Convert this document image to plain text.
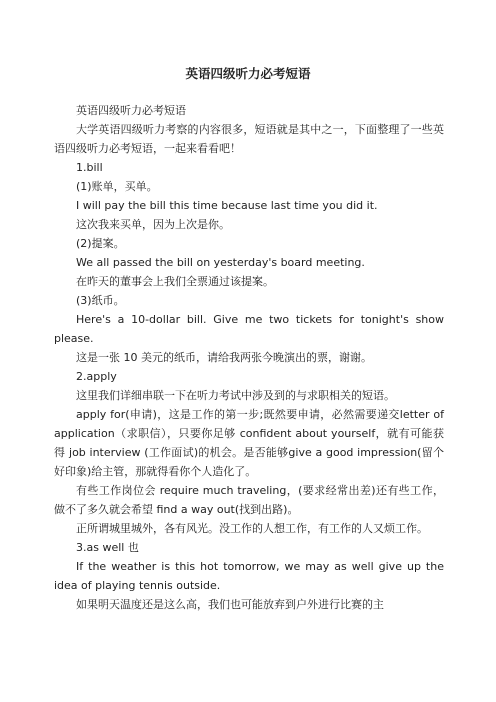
英语四级听力必考短语

英语四级听力必考短语

大学英语四级听力考察的内容很多，短语就是其中之一，下面整理了一些英语四级听力必考短语，一起来看看吧！

1.bill

(1)账单，买单。

I will pay the bill this time because last time you did it.

这次我来买单，因为上次是你。

(2)提案。

We all passed the bill on yesterday's board meeting.

在昨天的董事会上我们全票通过该提案。

(3)纸币。

Here's a 10-dollar bill. Give me two tickets for tonight's show please.

这是一张 10 美元的纸币，请给我两张今晚演出的票，谢谢。

2.apply

这里我们详细串联一下在听力考试中涉及到的与求职相关的短语。

apply for(申请)，这是工作的第一步;既然要申请，必然需要递交letter of application（求职信），只要你足够 confident about yourself，就有可能获得 job interview (工作面试)的机会。是否能够give a good impression(留个好印象)给主管，那就得看你个人造化了。

有些工作岗位会 require much traveling，(要求经常出差)还有些工作，做不了多久就会希望 find a way out(找到出路)。

正所谓城里城外，各有风光。没工作的人想工作，有工作的人又烦工作。

3.as well 也

If the weather is this hot tomorrow, we may as well give up the idea of playing tennis outside.

如果明天温度还是这么高，我们也可能放弃到户外进行比赛的主
